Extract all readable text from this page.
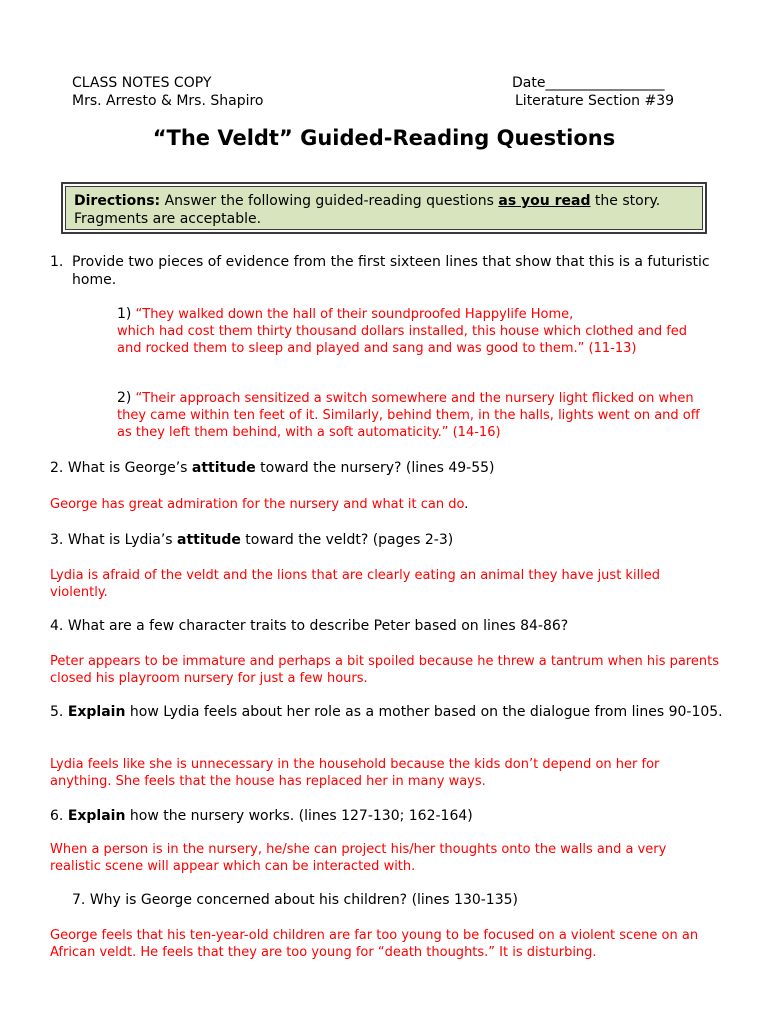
CLASS NOTES COPY
Mrs. Arresto & Mrs. Shapiro
Date_________________
Literature Section #39
“The Veldt” Guided-Reading Questions
Directions: Answer the following guided-reading questions as you read the story. Fragments are acceptable.
1. Provide two pieces of evidence from the first sixteen lines that show that this is a futuristic home.
1) “They walked down the hall of their soundproofed Happylife Home,
which had cost them thirty thousand dollars installed, this house which clothed and fed and rocked them to sleep and played and sang and was good to them.” (11-13)
2) “Their approach sensitized a switch somewhere and the nursery light flicked on when they came within ten feet of it. Similarly, behind them, in the halls, lights went on and off as they left them behind, with a soft automaticity.” (14-16)
2. What is George’s attitude toward the nursery? (lines 49-55)
George has great admiration for the nursery and what it can do.
3. What is Lydia’s attitude toward the veldt? (pages 2-3)
Lydia is afraid of the veldt and the lions that are clearly eating an animal they have just killed violently.
4. What are a few character traits to describe Peter based on lines 84-86?
Peter appears to be immature and perhaps a bit spoiled because he threw a tantrum when his parents closed his playroom nursery for just a few hours.
5. Explain how Lydia feels about her role as a mother based on the dialogue from lines 90-105.
Lydia feels like she is unnecessary in the household because the kids don’t depend on her for anything. She feels that the house has replaced her in many ways.
6. Explain how the nursery works. (lines 127-130; 162-164)
When a person is in the nursery, he/she can project his/her thoughts onto the walls and a very realistic scene will appear which can be interacted with.
7. Why is George concerned about his children? (lines 130-135)
George feels that his ten-year-old children are far too young to be focused on a violent scene on an African veldt. He feels that they are too young for “death thoughts.” It is disturbing.
